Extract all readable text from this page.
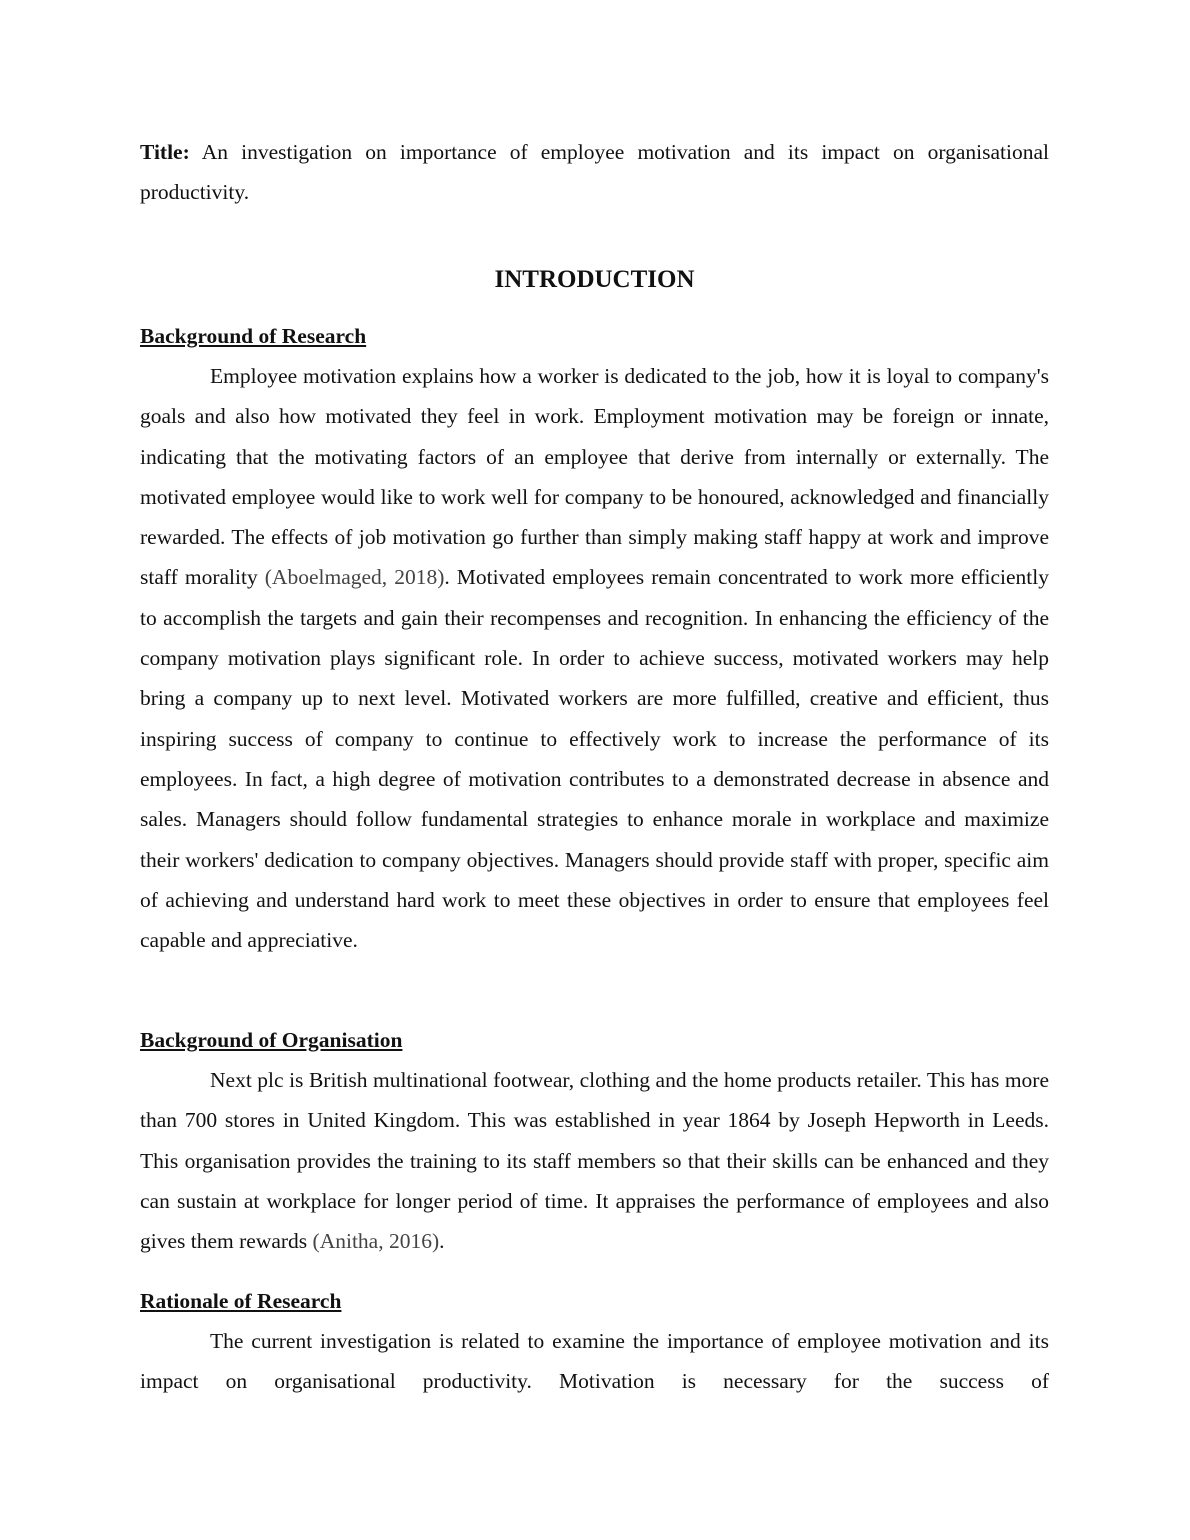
Title: An investigation on importance of employee motivation and its impact on organisational productivity.

INTRODUCTION
Background of Research

Employee motivation explains how a worker is dedicated to the job, how it is loyal to company's goals and also how motivated they feel in work. Employment motivation may be foreign or innate, indicating that the motivating factors of an employee that derive from internally or externally. The motivated employee would like to work well for company to be honoured, acknowledged and financially rewarded. The effects of job motivation go further than simply making staff happy at work and improve staff morality (Aboelmaged, 2018). Motivated employees remain concentrated to work more efficiently to accomplish the targets and gain their recompenses and recognition. In enhancing the efficiency of the company motivation plays significant role. In order to achieve success, motivated workers may help bring a company up to next level. Motivated workers are more fulfilled, creative and efficient, thus inspiring success of company to continue to effectively work to increase the performance of its employees. In fact, a high degree of motivation contributes to a demonstrated decrease in absence and sales. Managers should follow fundamental strategies to enhance morale in workplace and maximize their workers' dedication to company objectives. Managers should provide staff with proper, specific aim of achieving and understand hard work to meet these objectives in order to ensure that employees feel capable and appreciative.

Background of Organisation

Next plc is British multinational footwear, clothing and the home products retailer. This has more than 700 stores in United Kingdom. This was established in year 1864 by Joseph Hepworth in Leeds. This organisation provides the training to its staff members so that their skills can be enhanced and they can sustain at workplace for longer period of time. It appraises the performance of employees and also gives them rewards (Anitha, 2016).

Rationale of Research

The current investigation is related to examine the importance of employee motivation and its impact on organisational productivity. Motivation is necessary for the success of
